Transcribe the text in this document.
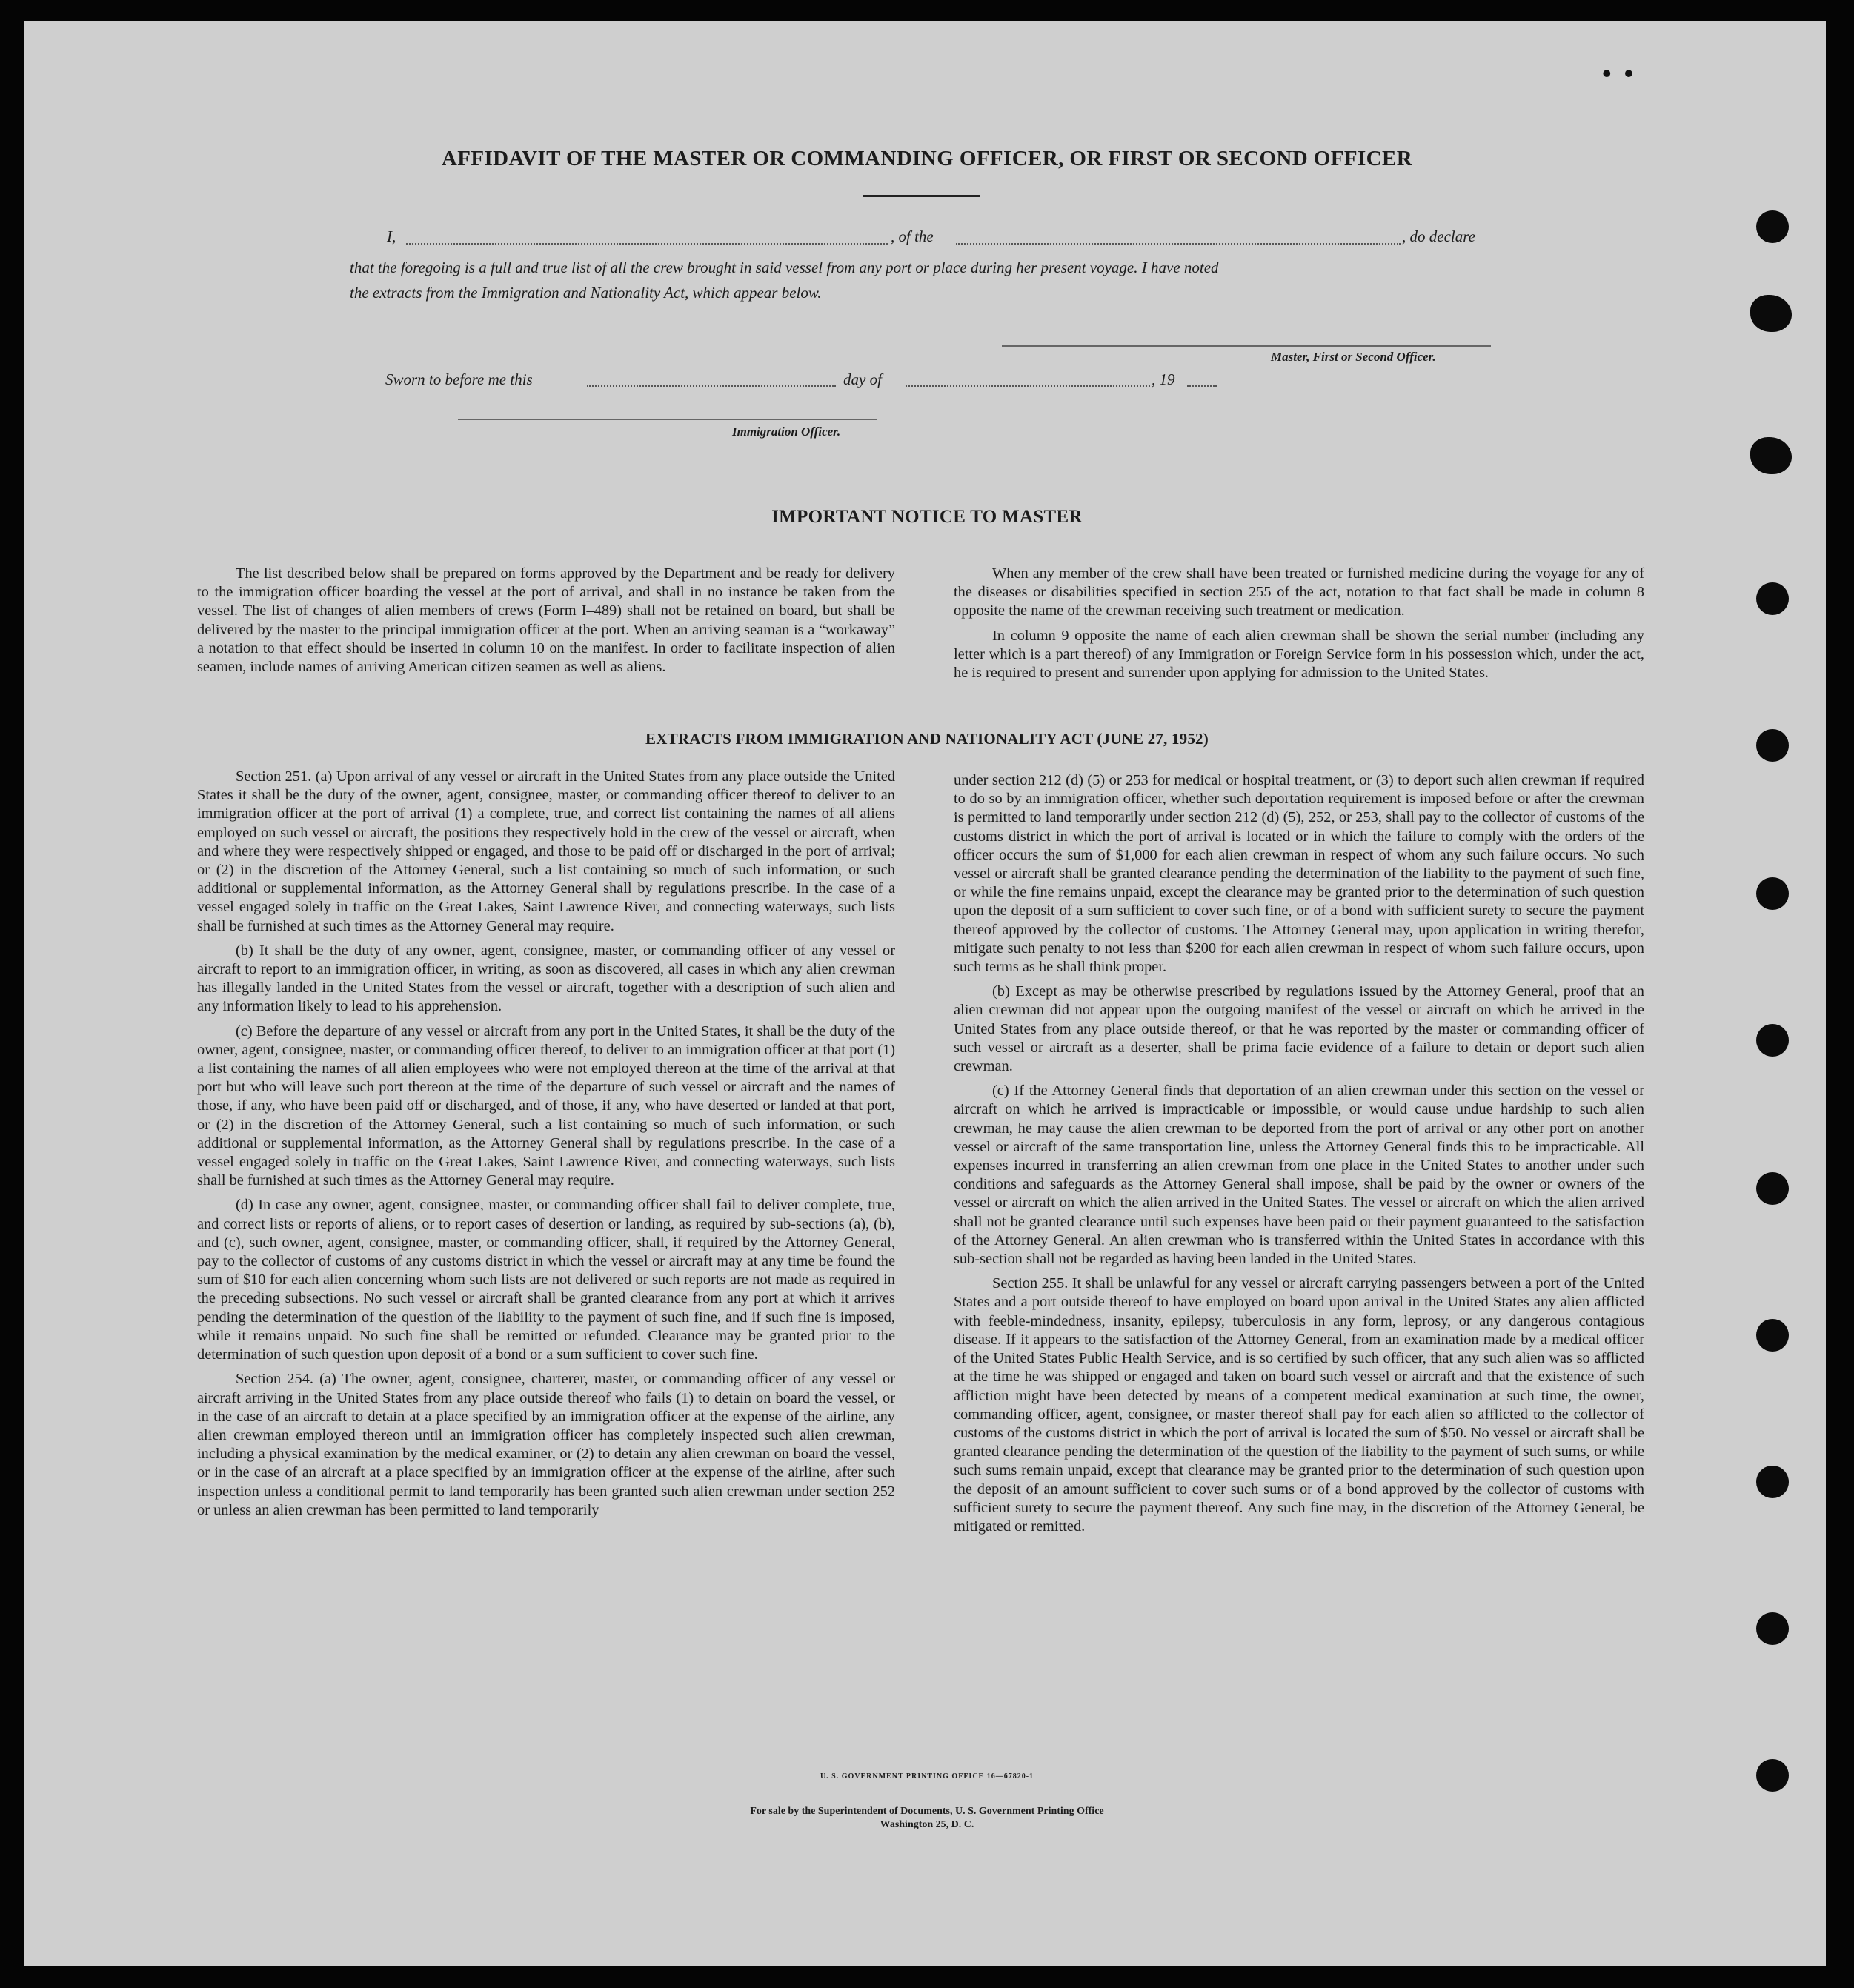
• •
AFFIDAVIT OF THE MASTER OR COMMANDING OFFICER, OR FIRST OR SECOND OFFICER
I,	, of the	, do declare
that the foregoing is a full and true list of all the crew brought in said vessel from any port or place during her present voyage. I have noted
the extracts from the Immigration and Nationality Act, which appear below.
Master, First or Second Officer.
Sworn to before me this	day of	, 19
Immigration Officer.
IMPORTANT NOTICE TO MASTER

The list described below shall be prepared on forms approved by the Department and be ready for delivery to the immigration officer boarding the vessel at the port of arrival, and shall in no instance be taken from the vessel. The list of changes of alien members of crews (Form I–489) shall not be retained on board, but shall be delivered by the master to the principal immigration officer at the port. When an arriving seaman is a “workaway” a notation to that effect should be inserted in column 10 on the manifest. In order to facilitate inspection of alien seamen, include names of arriving American citizen seamen as well as aliens.

When any member of the crew shall have been treated or furnished medicine during the voyage for any of the diseases or disabilities specified in section 255 of the act, notation to that fact shall be made in column 8 opposite the name of the crewman receiving such treatment or medication.

In column 9 opposite the name of each alien crewman shall be shown the serial number (including any letter which is a part thereof) of any Immigration or Foreign Service form in his possession which, under the act, he is required to present and surrender upon applying for admission to the United States.

EXTRACTS FROM IMMIGRATION AND NATIONALITY ACT (JUNE 27, 1952)

Section 251. (a) Upon arrival of any vessel or aircraft in the United States from any place outside the United States it shall be the duty of the owner, agent, consignee, master, or commanding officer thereof to deliver to an immigration officer at the port of arrival (1) a complete, true, and correct list containing the names of all aliens employed on such vessel or aircraft, the positions they respectively hold in the crew of the vessel or aircraft, when and where they were respectively shipped or engaged, and those to be paid off or discharged in the port of arrival; or (2) in the discretion of the Attorney General, such a list containing so much of such information, or such additional or supplemental information, as the Attorney General shall by regulations prescribe. In the case of a vessel engaged solely in traffic on the Great Lakes, Saint Lawrence River, and connecting waterways, such lists shall be furnished at such times as the Attorney General may require.

(b) It shall be the duty of any owner, agent, consignee, master, or commanding officer of any vessel or aircraft to report to an immigration officer, in writing, as soon as discovered, all cases in which any alien crewman has illegally landed in the United States from the vessel or aircraft, together with a description of such alien and any information likely to lead to his apprehension.

(c) Before the departure of any vessel or aircraft from any port in the United States, it shall be the duty of the owner, agent, consignee, master, or commanding officer thereof, to deliver to an immigration officer at that port (1) a list containing the names of all alien employees who were not employed thereon at the time of the arrival at that port but who will leave such port thereon at the time of the departure of such vessel or aircraft and the names of those, if any, who have been paid off or discharged, and of those, if any, who have deserted or landed at that port, or (2) in the discretion of the Attorney General, such a list containing so much of such information, or such additional or supplemental information, as the Attorney General shall by regulations prescribe. In the case of a vessel engaged solely in traffic on the Great Lakes, Saint Lawrence River, and connecting waterways, such lists shall be furnished at such times as the Attorney General may require.

(d) In case any owner, agent, consignee, master, or commanding officer shall fail to deliver complete, true, and correct lists or reports of aliens, or to report cases of desertion or landing, as required by sub-sections (a), (b), and (c), such owner, agent, consignee, master, or commanding officer, shall, if required by the Attorney General, pay to the collector of customs of any customs district in which the vessel or aircraft may at any time be found the sum of $10 for each alien concerning whom such lists are not delivered or such reports are not made as required in the preceding subsections. No such vessel or aircraft shall be granted clearance from any port at which it arrives pending the determination of the question of the liability to the payment of such fine, and if such fine is imposed, while it remains unpaid. No such fine shall be remitted or refunded. Clearance may be granted prior to the determination of such question upon deposit of a bond or a sum sufficient to cover such fine.

Section 254. (a) The owner, agent, consignee, charterer, master, or commanding officer of any vessel or aircraft arriving in the United States from any place outside thereof who fails (1) to detain on board the vessel, or in the case of an aircraft to detain at a place specified by an immigration officer at the expense of the airline, any alien crewman employed thereon until an immigration officer has completely inspected such alien crewman, including a physical examination by the medical examiner, or (2) to detain any alien crewman on board the vessel, or in the case of an aircraft at a place specified by an immigration officer at the expense of the airline, after such inspection unless a conditional permit to land temporarily has been granted such alien crewman under section 252 or unless an alien crewman has been permitted to land temporarily

under section 212 (d) (5) or 253 for medical or hospital treatment, or (3) to deport such alien crewman if required to do so by an immigration officer, whether such deportation requirement is imposed before or after the crewman is permitted to land temporarily under section 212 (d) (5), 252, or 253, shall pay to the collector of customs of the customs district in which the port of arrival is located or in which the failure to comply with the orders of the officer occurs the sum of $1,000 for each alien crewman in respect of whom any such failure occurs. No such vessel or aircraft shall be granted clearance pending the determination of the liability to the payment of such fine, or while the fine remains unpaid, except the clearance may be granted prior to the determination of such question upon the deposit of a sum sufficient to cover such fine, or of a bond with sufficient surety to secure the payment thereof approved by the collector of customs. The Attorney General may, upon application in writing therefor, mitigate such penalty to not less than $200 for each alien crewman in respect of whom such failure occurs, upon such terms as he shall think proper.

(b) Except as may be otherwise prescribed by regulations issued by the Attorney General, proof that an alien crewman did not appear upon the outgoing manifest of the vessel or aircraft on which he arrived in the United States from any place outside thereof, or that he was reported by the master or commanding officer of such vessel or aircraft as a deserter, shall be prima facie evidence of a failure to detain or deport such alien crewman.

(c) If the Attorney General finds that deportation of an alien crewman under this section on the vessel or aircraft on which he arrived is impracticable or impossible, or would cause undue hardship to such alien crewman, he may cause the alien crewman to be deported from the port of arrival or any other port on another vessel or aircraft of the same transportation line, unless the Attorney General finds this to be impracticable. All expenses incurred in transferring an alien crewman from one place in the United States to another under such conditions and safeguards as the Attorney General shall impose, shall be paid by the owner or owners of the vessel or aircraft on which the alien arrived in the United States. The vessel or aircraft on which the alien arrived shall not be granted clearance until such expenses have been paid or their payment guaranteed to the satisfaction of the Attorney General. An alien crewman who is transferred within the United States in accordance with this sub-section shall not be regarded as having been landed in the United States.

Section 255. It shall be unlawful for any vessel or aircraft carrying passengers between a port of the United States and a port outside thereof to have employed on board upon arrival in the United States any alien afflicted with feeble-mindedness, insanity, epilepsy, tuberculosis in any form, leprosy, or any dangerous contagious disease. If it appears to the satisfaction of the Attorney General, from an examination made by a medical officer of the United States Public Health Service, and is so certified by such officer, that any such alien was so afflicted at the time he was shipped or engaged and taken on board such vessel or aircraft and that the existence of such affliction might have been detected by means of a competent medical examination at such time, the owner, commanding officer, agent, consignee, or master thereof shall pay for each alien so afflicted to the collector of customs of the customs district in which the port of arrival is located the sum of $50. No vessel or aircraft shall be granted clearance pending the determination of the question of the liability to the payment of such sums, or while such sums remain unpaid, except that clearance may be granted prior to the determination of such question upon the deposit of an amount sufficient to cover such sums or of a bond approved by the collector of customs with sufficient surety to secure the payment thereof. Any such fine may, in the discretion of the Attorney General, be mitigated or remitted.

U. S. GOVERNMENT PRINTING OFFICE 16—67820-1
For sale by the Superintendent of Documents, U. S. Government Printing Office
Washington 25, D. C.
